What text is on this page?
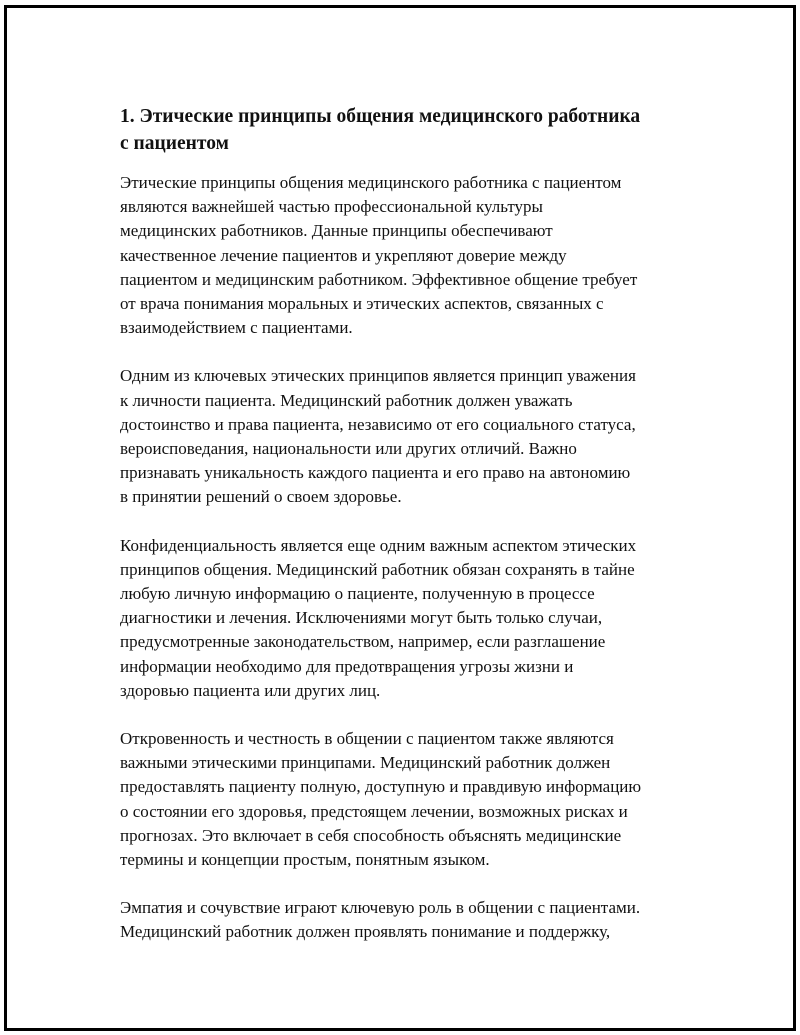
1. Этические принципы общения медицинского работника
с пациентом

Этические принципы общения медицинского работника с пациентом
являются важнейшей частью профессиональной культуры
медицинских работников. Данные принципы обеспечивают
качественное лечение пациентов и укрепляют доверие между
пациентом и медицинским работником. Эффективное общение требует
от врача понимания моральных и этических аспектов, связанных с
взаимодействием с пациентами.

Одним из ключевых этических принципов является принцип уважения
к личности пациента. Медицинский работник должен уважать
достоинство и права пациента, независимо от его социального статуса,
вероисповедания, национальности или других отличий. Важно
признавать уникальность каждого пациента и его право на автономию
в принятии решений о своем здоровье.

Конфиденциальность является еще одним важным аспектом этических
принципов общения. Медицинский работник обязан сохранять в тайне
любую личную информацию о пациенте, полученную в процессе
диагностики и лечения. Исключениями могут быть только случаи,
предусмотренные законодательством, например, если разглашение
информации необходимо для предотвращения угрозы жизни и
здоровью пациента или других лиц.

Откровенность и честность в общении с пациентом также являются
важными этическими принципами. Медицинский работник должен
предоставлять пациенту полную, доступную и правдивую информацию
о состоянии его здоровья, предстоящем лечении, возможных рисках и
прогнозах. Это включает в себя способность объяснять медицинские
термины и концепции простым, понятным языком.

Эмпатия и сочувствие играют ключевую роль в общении с пациентами.
Медицинский работник должен проявлять понимание и поддержку,
